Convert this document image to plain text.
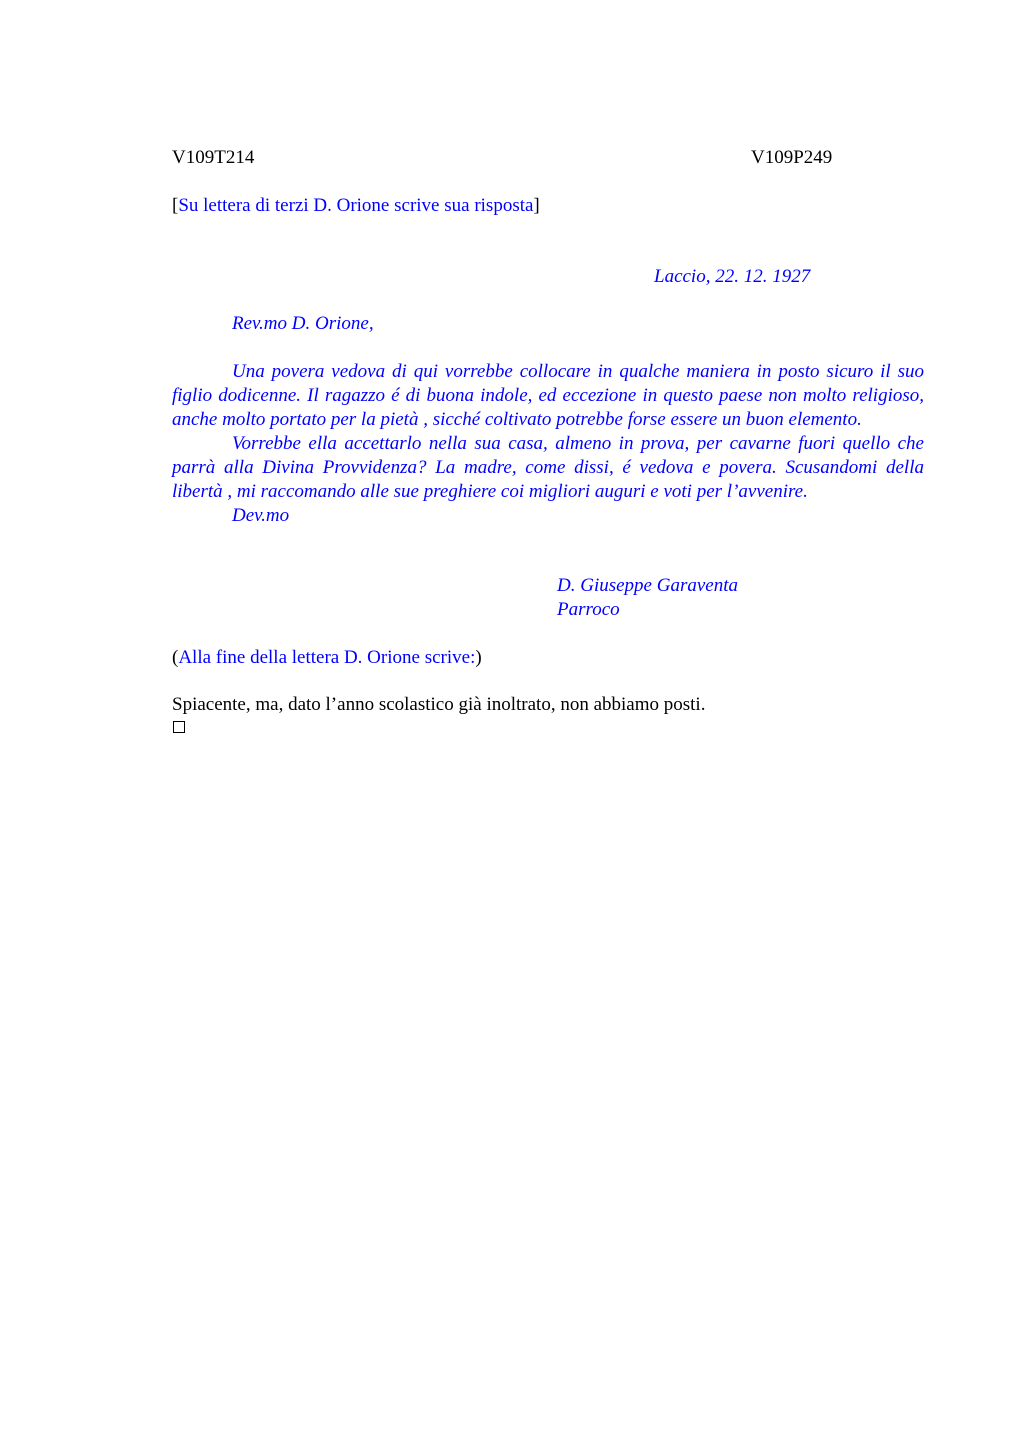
V109T214	V109P249
[Su lettera di terzi D. Orione scrive sua risposta]
Laccio, 22. 12. 1927
Rev.mo D. Orione,

Una povera vedova di qui vorrebbe collocare in qualche maniera in posto sicuro il suo figlio dodicenne. Il ragazzo é di buona indole, ed eccezione in questo paese non molto religioso, anche molto portato per la pietà , sicché coltivato potrebbe forse essere un buon elemento.

Vorrebbe ella accettarlo nella sua casa, almeno in prova, per cavarne fuori quello che parrà alla Divina Provvidenza? La madre, come dissi, é vedova e povera. Scusandomi della libertà , mi raccomando alle sue preghiere coi migliori auguri e voti per l’avvenire.

Dev.mo

D. Giuseppe Garaventa
Parroco
(Alla fine della lettera D. Orione scrive:)
Spiacente, ma, dato l’anno scolastico già inoltrato, non abbiamo posti.
